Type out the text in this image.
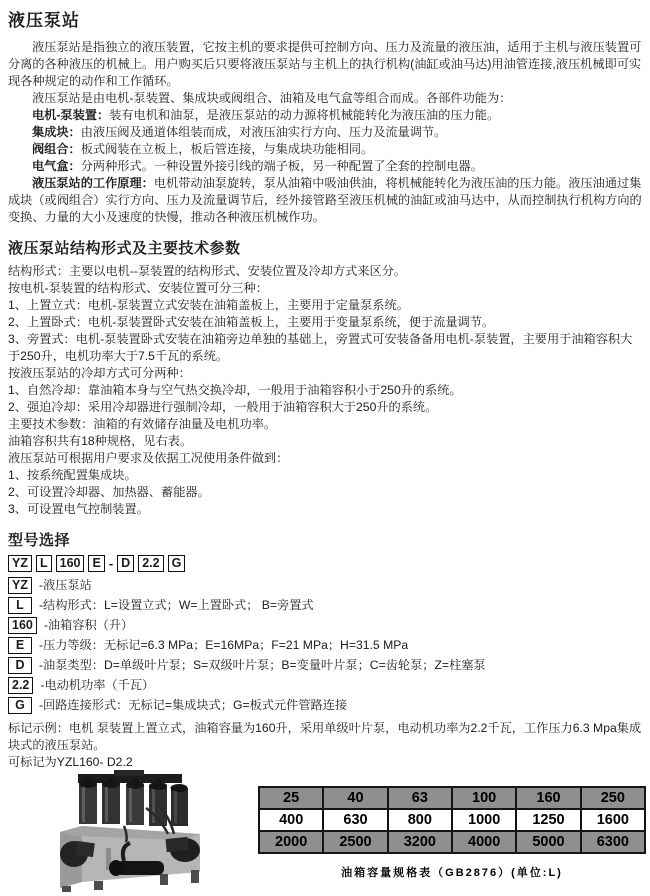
液压泵站

液压泵站是指独立的液压装置，它按主机的要求提供可控制方向、压力及流量的液压油，适用于主机与液压装置可分离的各种液压的机械上。用户购买后只要将液压泵站与主机上的执行机构(油缸或油马达)用油管连接,液压机械即可实现各种规定的动作和工作循环。

液压泵站是由电机-泵装置、集成块或阀组合、油箱及电气盒等组合而成。各部件功能为：

电机-泵装置：装有电机和油泵，是液压泵站的动力源将机械能转化为液压油的压力能。

集成块：由液压阀及通道体组装而成，对液压油实行方向、压力及流量调节。

阀组合：板式阀装在立板上，板后管连接，与集成块功能相同。

电气盒：分两种形式。一种设置外接引线的端子板，另一种配置了全套的控制电器。

液压泵站的工作原理：电机带动油泵旋转，泵从油箱中吸油供油，将机械能转化为液压油的压力能。液压油通过集成块（或阀组合）实行方向、压力及流量调节后，经外接管路至液压机械的油缸或油马达中，从而控制执行机构方向的变换、力量的大小及速度的快慢，推动各种液压机械作功。

液压泵站结构形式及主要技术参数

结构形式：主要以电机--泵装置的结构形式、安装位置及冷却方式来区分。

按电机-泵装置的结构形式、安装位置可分三种：

1、上置立式：电机-泵装置立式安装在油箱盖板上，主要用于定量泵系统。

2、上置卧式：电机-泵装置卧式安装在油箱盖板上，主要用于变量泵系统，便于流量调节。

3、旁置式：电机-泵装置卧式安装在油箱旁边单独的基础上，旁置式可安装备备用电机-泵装置，主要用于油箱容积大于250升，电机功率大于7.5千瓦的系统。

按液压泵站的冷却方式可分两种：

1、自然冷却：靠油箱本身与空气热交换冷却，一般用于油箱容积小于250升的系统。

2、强迫冷却：采用冷却器进行强制冷却，一般用于油箱容积大于250升的系统。

主要技术参数：油箱的有效储存油量及电机功率。

油箱容积共有18种规格，见右表。

液压泵站可根据用户要求及依据工况使用条件做到：

1、按系统配置集成块。

2、可设置冷却器、加热器、蓄能器。

3、可设置电气控制装置。

型号选择
YZ L 160 E - D 2.2 G
YZ -液压泵站
L	-结构形式：L=设置立式；W=上置卧式； B=旁置式
160 -油箱容积（升）
E	-压力等级：无标记=6.3 MPa；E=16MPa；F=21 MPa；H=31.5 MPa
D	-油泵类型：D=单级叶片泵；S=双级叶片泵；B=变量叶片泵；C=齿轮泵；Z=柱塞泵
2.2 -电动机功率（千瓦）
G	-回路连接形式：无标记=集成块式；G=板式元件管路连接

标记示例：电机 泵装置上置立式，油箱容量为160升，采用单级叶片泵，电动机功率为2.2千瓦，工作压力6.3 Mpa集成块式的液压泵站。

可标记为YZL160- D2.2

25	40	63	100	160	250
400	630	800	1000	1250	1600
2000	2500	3200	4000	5000	6300
油箱容量规格表（GB2876）(单位:L)
